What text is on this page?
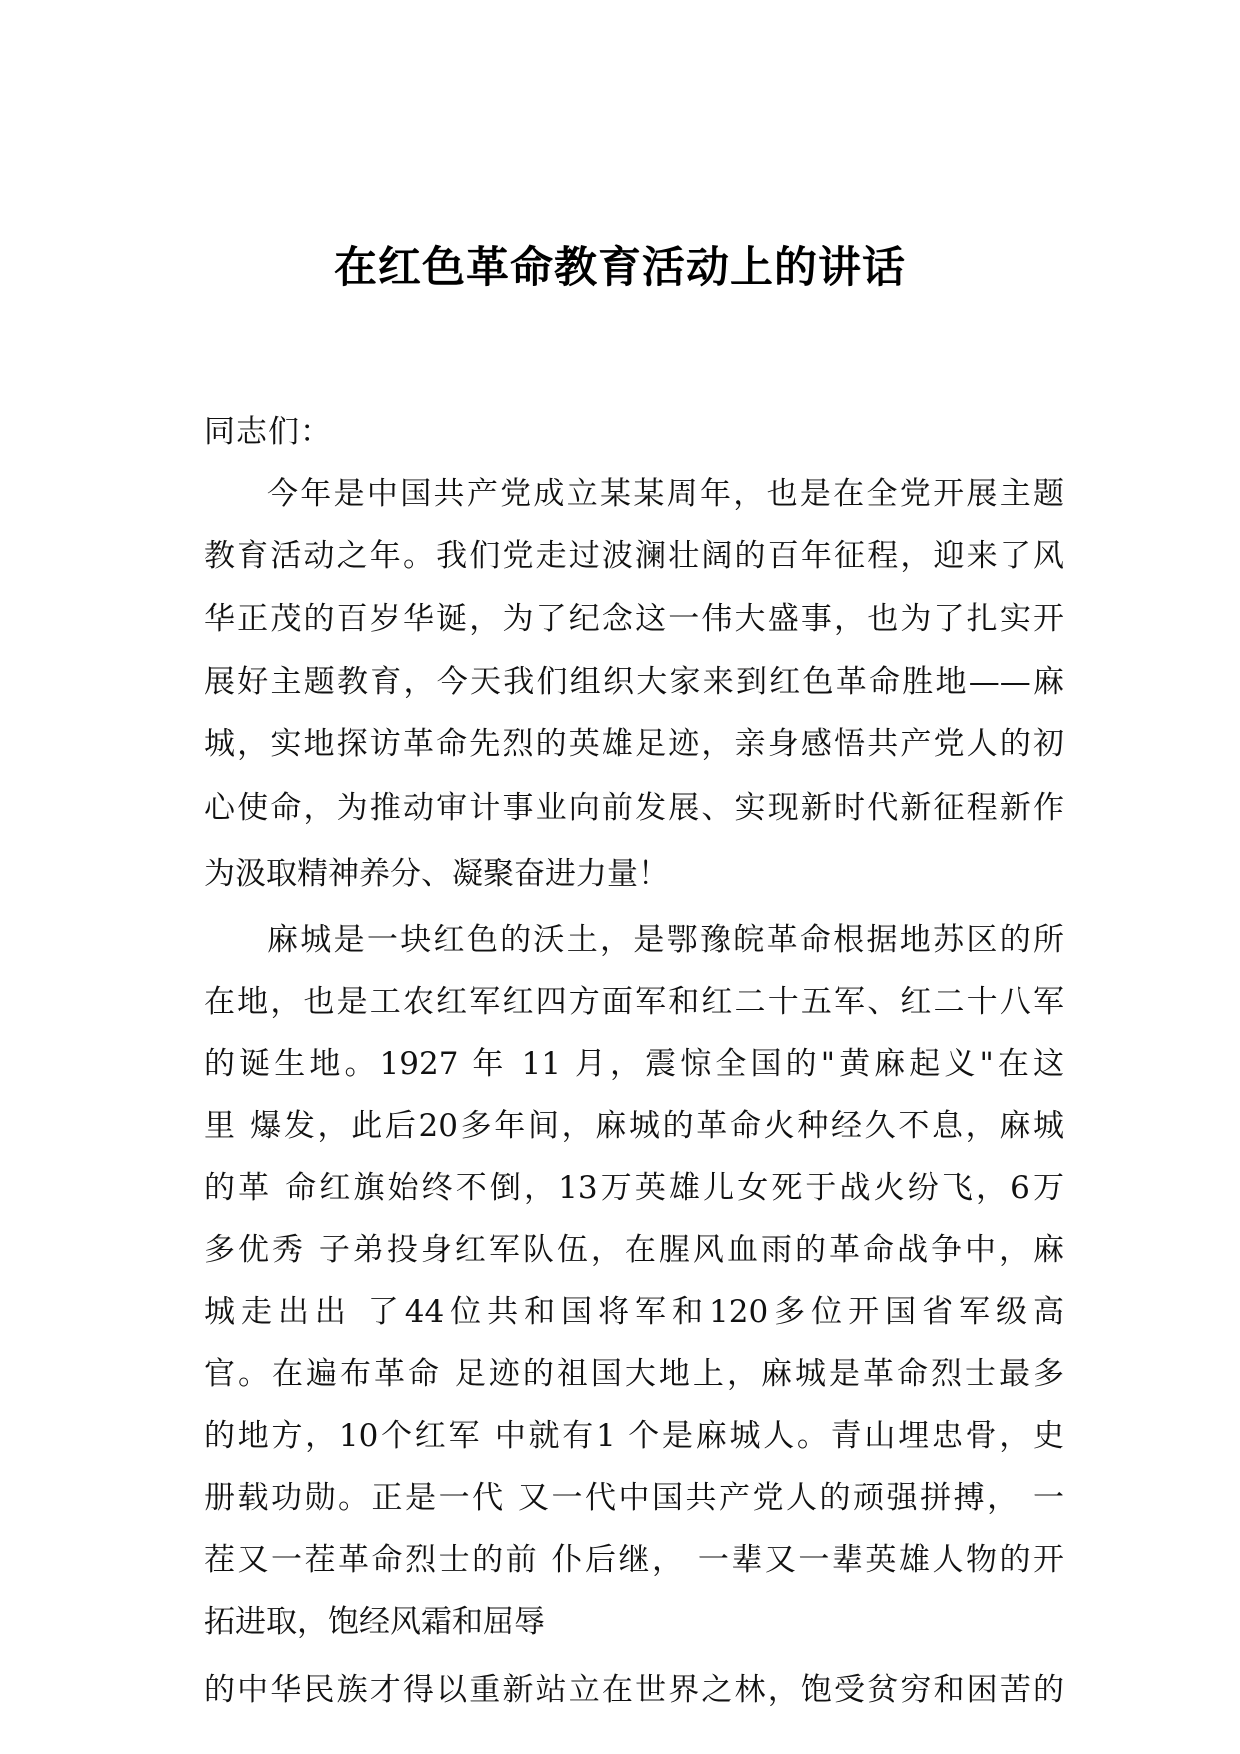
在红色革命教育活动上的讲话
同志们：
今年是中国共产党成立某某周年，也是在全党开展主题
教育活动之年。我们党走过波澜壮阔的百年征程，迎来了风
华正茂的百岁华诞，为了纪念这一伟大盛事，也为了扎实开
展好主题教育，今天我们组织大家来到红色革命胜地——麻
城，实地探访革命先烈的英雄足迹，亲身感悟共产党人的初
心使命，为推动审计事业向前发展、实现新时代新征程新作
为汲取精神养分、凝聚奋进力量！
麻城是一块红色的沃土，是鄂豫皖革命根据地苏区的所
在地，也是工农红军红四方面军和红二十五军、红二十八军
的诞生地。1927 年 11 月，震惊全国的"黄麻起义"在这
里 爆发，此后20多年间，麻城的革命火种经久不息，麻城
的革 命红旗始终不倒，13万英雄儿女死于战火纷飞，6万
多优秀 子弟投身红军队伍，在腥风血雨的革命战争中，麻
城走出出 了44位共和国将军和120多位开国省军级高
官。在遍布革命 足迹的祖国大地上，麻城是革命烈士最多
的地方，10个红军 中就有1 个是麻城人。青山埋忠骨，史
册载功勋。正是一代 又一代中国共产党人的顽强拼搏， 一
茬又一茬革命烈士的前 仆后继， 一辈又一辈英雄人物的开
拓进取，饱经风霜和屈辱
的中华民族才得以重新站立在世界之林，饱受贫穷和困苦的
